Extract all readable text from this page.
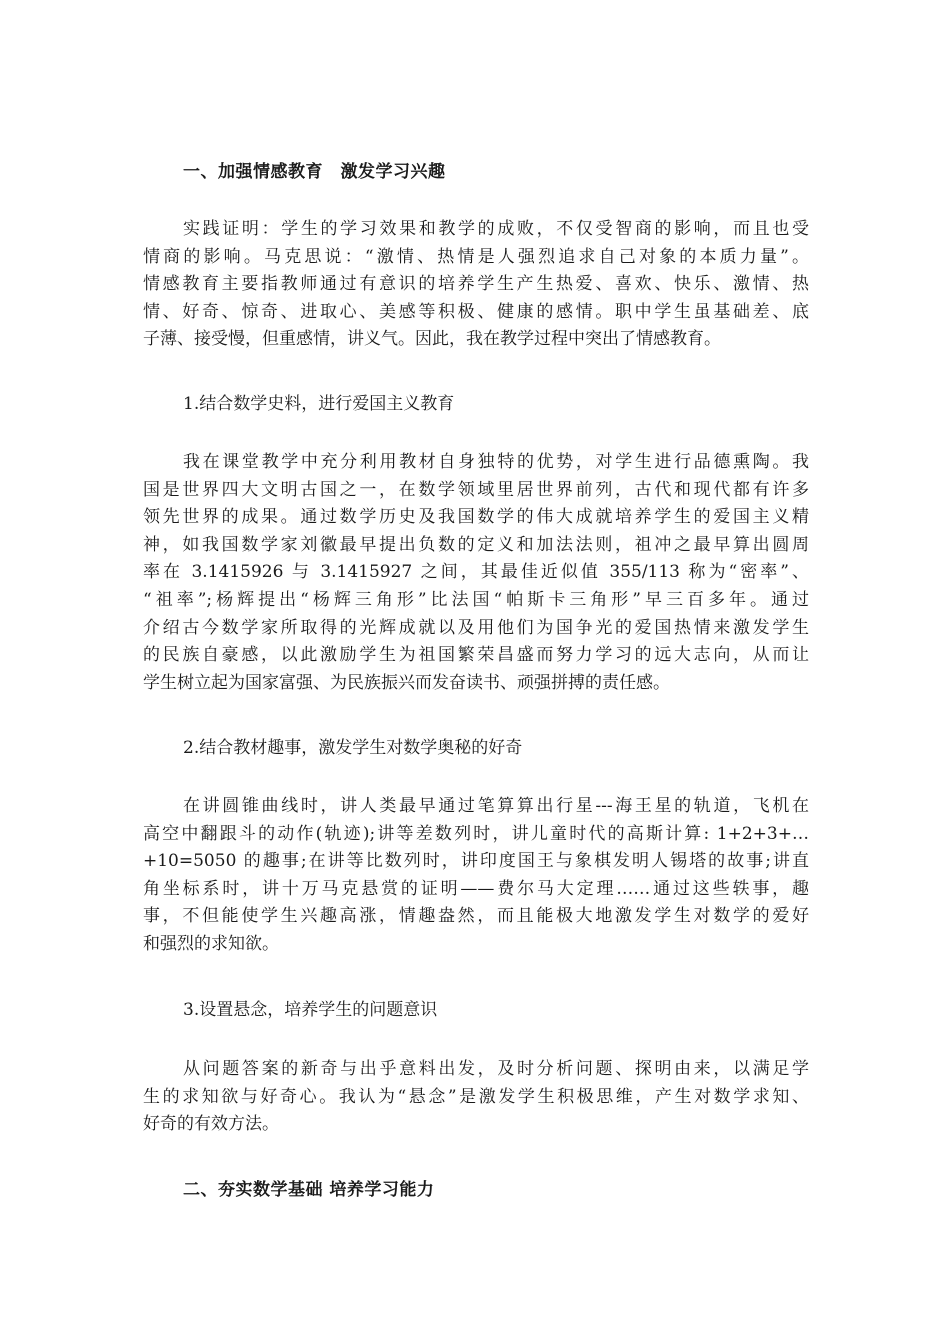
一、加强情感教育　激发学习兴趣
实践证明：学生的学习效果和教学的成败，不仅受智商的影响，而且也受
情商的影响。马克思说：“激情、热情是人强烈追求自己对象的本质力量”。
情感教育主要指教师通过有意识的培养学生产生热爱、喜欢、快乐、激情、热
情、好奇、惊奇、进取心、美感等积极、健康的感情。职中学生虽基础差、底
子薄、接受慢，但重感情，讲义气。因此，我在教学过程中突出了情感教育。
1.结合数学史料，进行爱国主义教育
我在课堂教学中充分利用教材自身独特的优势，对学生进行品德熏陶。我
国是世界四大文明古国之一，在数学领域里居世界前列，古代和现代都有许多
领先世界的成果。通过数学历史及我国数学的伟大成就培养学生的爱国主义精
神，如我国数学家刘徽最早提出负数的定义和加法法则，祖冲之最早算出圆周
率在 3.1415926 与 3.1415927 之间，其最佳近似值 355/113 称为“密率”、
“祖率”;杨辉提出“杨辉三角形”比法国“帕斯卡三角形”早三百多年。通过
介绍古今数学家所取得的光辉成就以及用他们为国争光的爱国热情来激发学生
的民族自豪感，以此激励学生为祖国繁荣昌盛而努力学习的远大志向，从而让
学生树立起为国家富强、为民族振兴而发奋读书、顽强拼搏的责任感。
2.结合教材趣事，激发学生对数学奥秘的好奇
在讲圆锥曲线时，讲人类最早通过笔算算出行星---海王星的轨道，飞机在
高空中翻跟斗的动作(轨迹);讲等差数列时，讲儿童时代的高斯计算: 1+2+3+…
+10=5050 的趣事;在讲等比数列时，讲印度国王与象棋发明人锡塔的故事;讲直
角坐标系时，讲十万马克悬赏的证明——费尔马大定理……通过这些轶事，趣
事，不但能使学生兴趣高涨，情趣盎然，而且能极大地激发学生对数学的爱好
和强烈的求知欲。
3.设置悬念，培养学生的问题意识
从问题答案的新奇与出乎意料出发，及时分析问题、探明由来，以满足学
生的求知欲与好奇心。我认为“悬念”是激发学生积极思维，产生对数学求知、
好奇的有效方法。
二、夯实数学基础 培养学习能力
